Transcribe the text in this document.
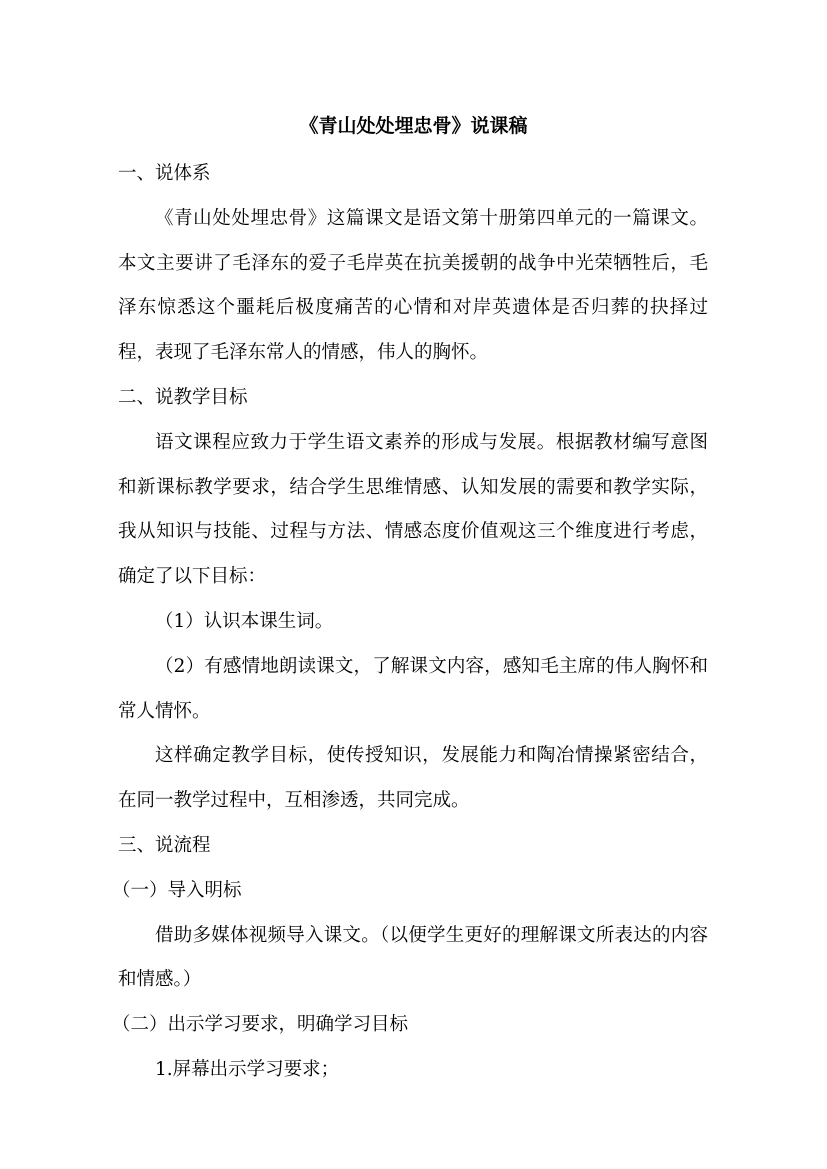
《青山处处埋忠骨》说课稿

一、说体系

《青山处处埋忠骨》这篇课文是语文第十册第四单元的一篇课文。本文主要讲了毛泽东的爱子毛岸英在抗美援朝的战争中光荣牺牲后，毛泽东惊悉这个噩耗后极度痛苦的心情和对岸英遗体是否归葬的抉择过程，表现了毛泽东常人的情感，伟人的胸怀。

二、说教学目标

语文课程应致力于学生语文素养的形成与发展。根据教材编写意图和新课标教学要求，结合学生思维情感、认知发展的需要和教学实际，我从知识与技能、过程与方法、情感态度价值观这三个维度进行考虑，确定了以下目标：

（1）认识本课生词。

（2）有感情地朗读课文，了解课文内容，感知毛主席的伟人胸怀和常人情怀。

这样确定教学目标，使传授知识，发展能力和陶冶情操紧密结合，在同一教学过程中，互相渗透，共同完成。

三、说流程

（一）导入明标

借助多媒体视频导入课文。（以便学生更好的理解课文所表达的内容和情感。）

（二）出示学习要求，明确学习目标

1.屏幕出示学习要求；
